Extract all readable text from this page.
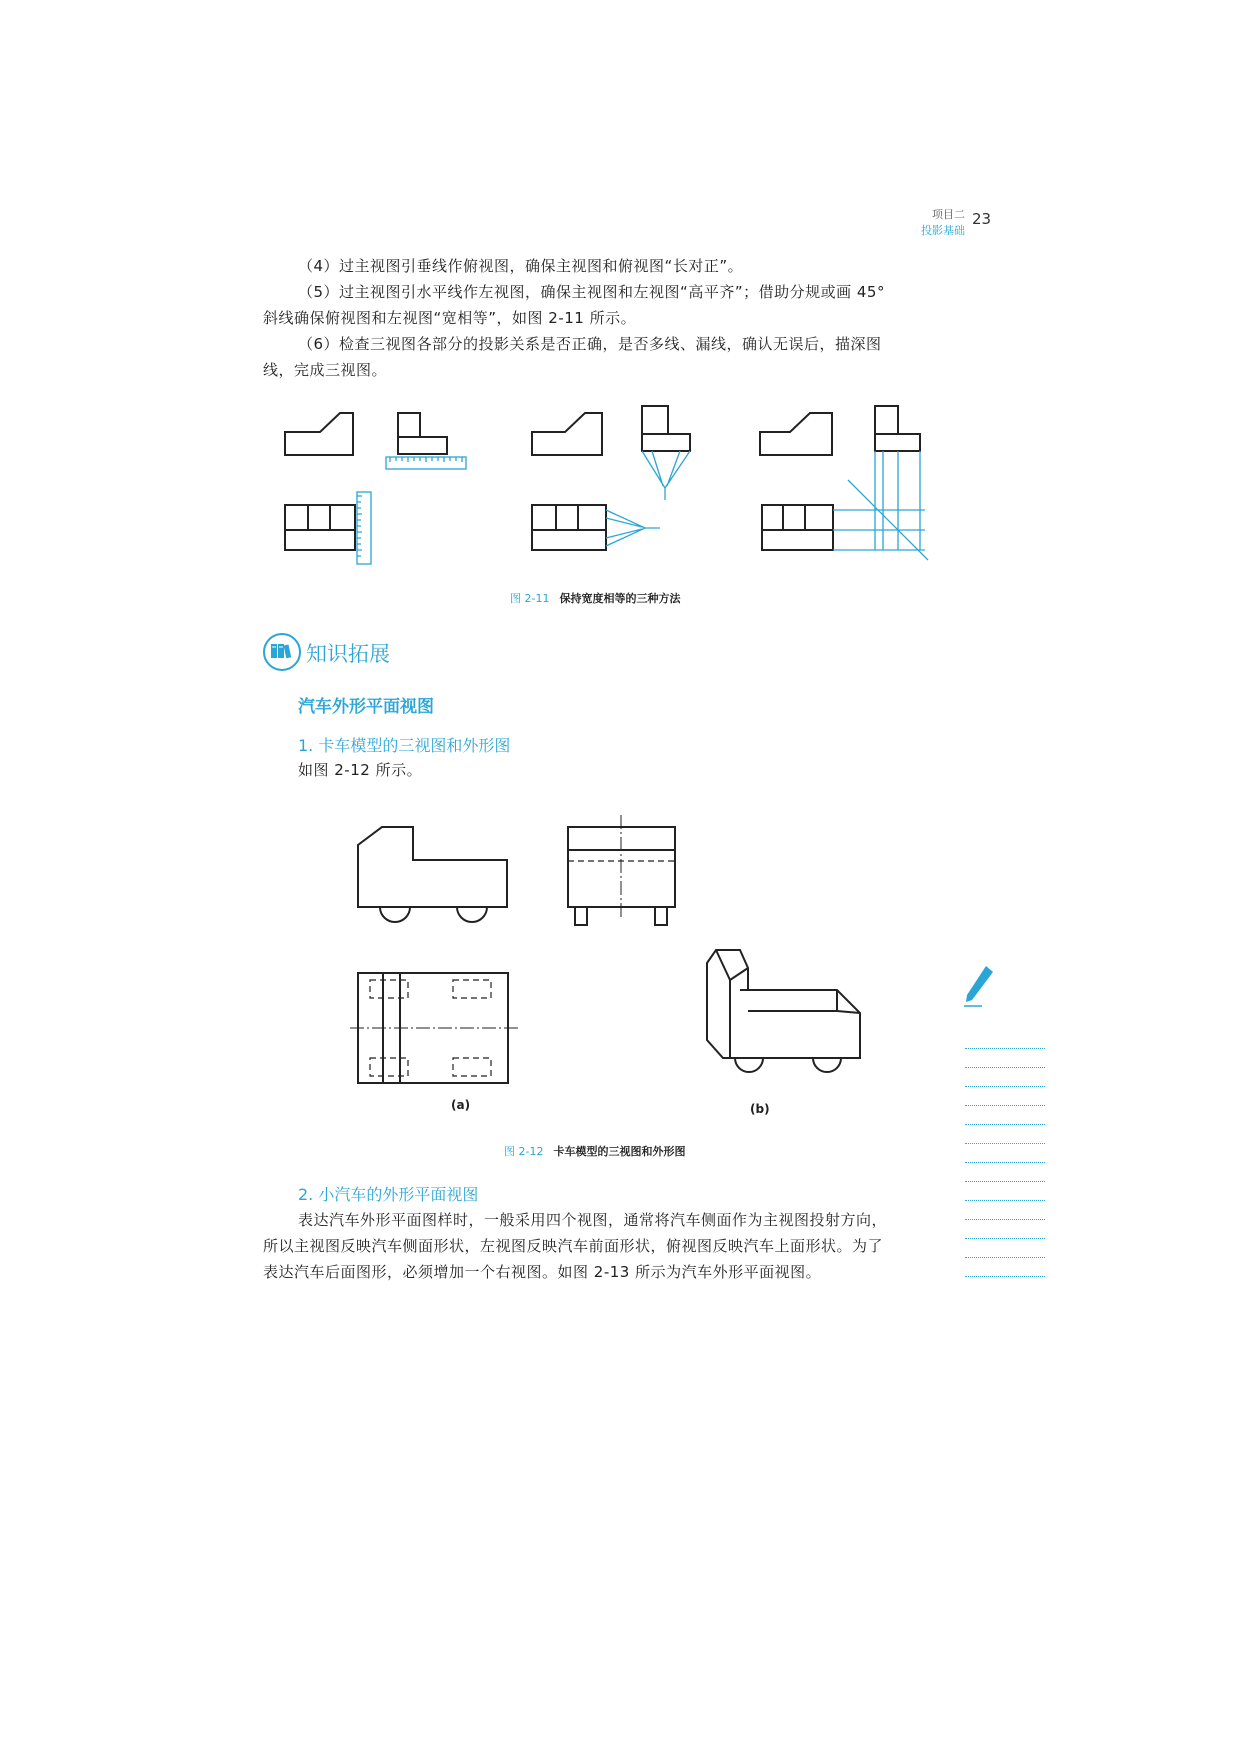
项目二
投影基础
23
（4）过主视图引垂线作俯视图，确保主视图和俯视图“长对正”。
（5）过主视图引水平线作左视图，确保主视图和左视图“高平齐”；借助分规或画 45°
斜线确保俯视图和左视图“宽相等”，如图 2-11 所示。
（6）检查三视图各部分的投影关系是否正确，是否多线、漏线，确认无误后，描深图
线，完成三视图。
图 2-11 保持宽度相等的三种方法
知识拓展
汽车外形平面视图
1. 卡车模型的三视图和外形图
如图 2-12 所示。
(a)	(b)
图 2-12 卡车模型的三视图和外形图
2. 小汽车的外形平面视图
表达汽车外形平面图样时，一般采用四个视图，通常将汽车侧面作为主视图投射方向，
所以主视图反映汽车侧面形状，左视图反映汽车前面形状，俯视图反映汽车上面形状。为了
表达汽车后面图形，必须增加一个右视图。如图 2-13 所示为汽车外形平面视图。
